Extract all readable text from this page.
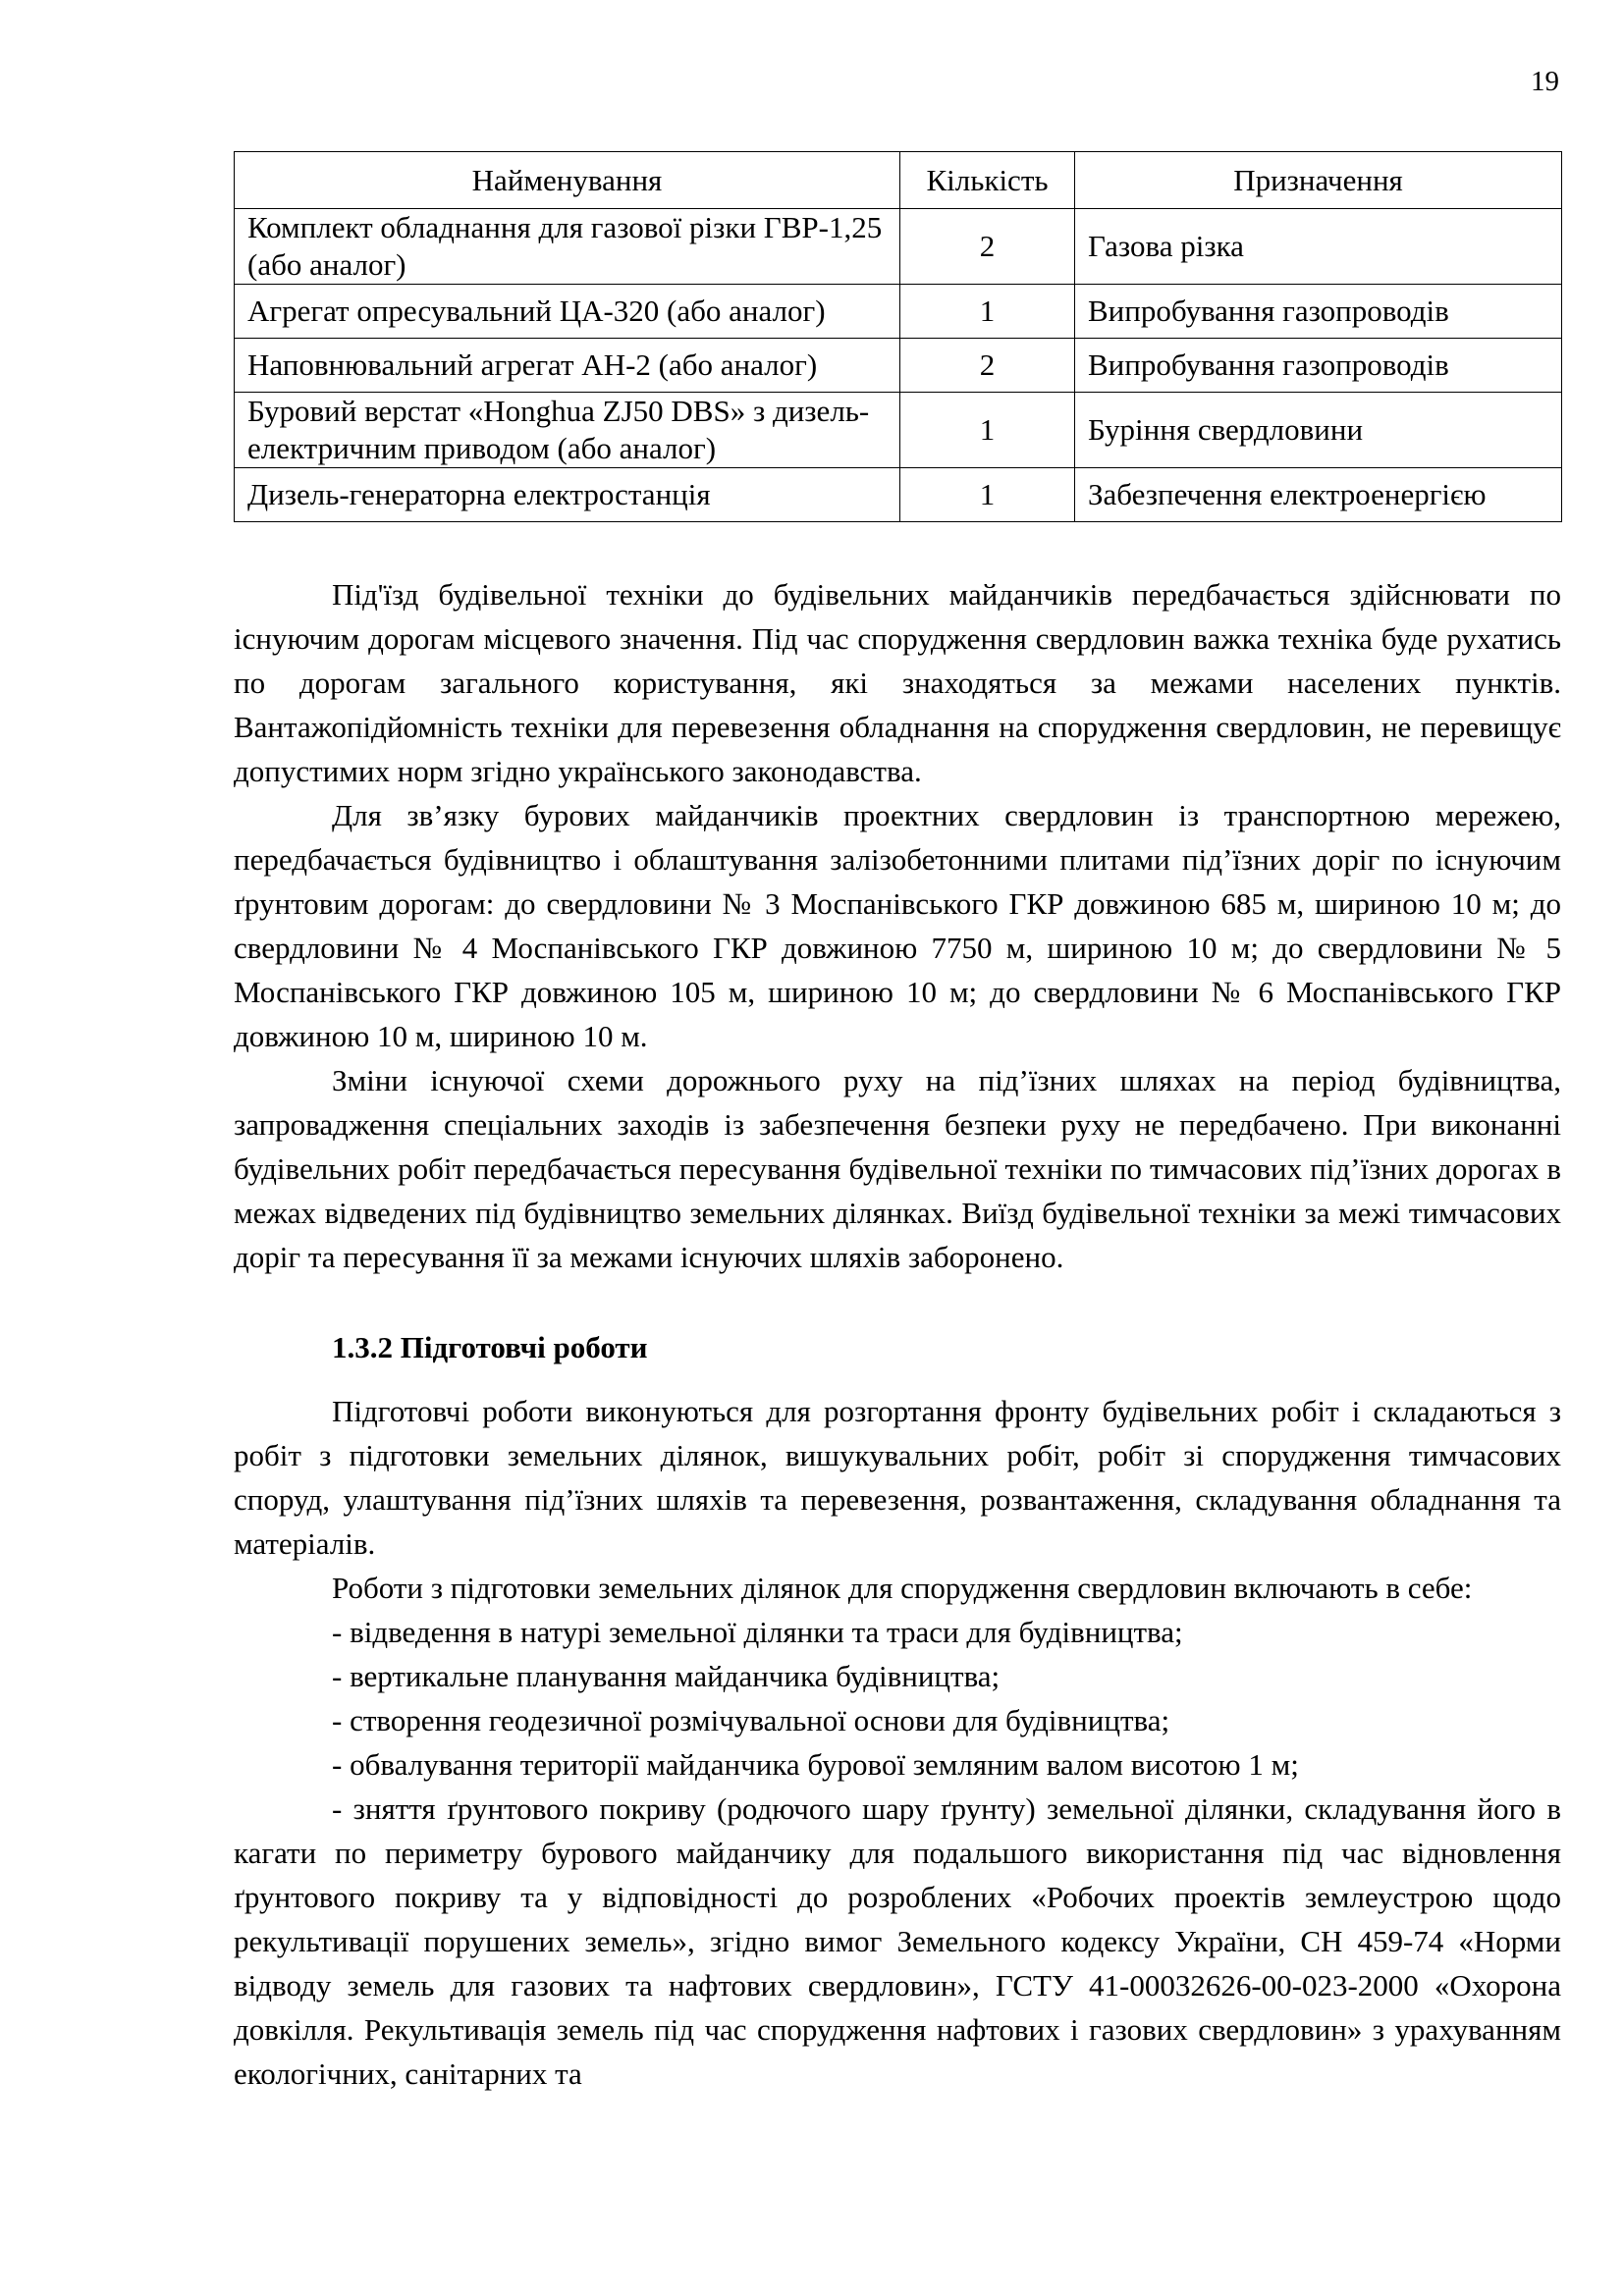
19
Найменування	Кількість	Призначення
Комплект обладнання для газової різки ГВР-1,25 (або аналог)	2	Газова різка
Агрегат опресувальний ЦА-320 (або аналог)	1	Випробування газопроводів
Наповнювальний агрегат АН-2 (або аналог)	2	Випробування газопроводів
Буровий верстат «Honghua ZJ50 DBS» з дизель-електричним приводом (або аналог)	1	Буріння свердловини
Дизель-генераторна електростанція	1	Забезпечення електроенергією

Під'їзд будівельної техніки до будівельних майданчиків передбачається здійснювати по існуючим дорогам місцевого значення. Під час спорудження свердловин важка техніка буде рухатись по дорогам загального користування, які знаходяться за межами населених пунктів. Вантажопідйомність техніки для перевезення обладнання на спорудження свердловин, не перевищує допустимих норм згідно українського законодавства.

Для зв’язку бурових майданчиків проектних свердловин із транспортною мережею, передбачається будівництво і облаштування залізобетонними плитами під’їзних доріг по існуючим ґрунтовим дорогам: до свердловини № 3 Моспанівського ГКР довжиною 685 м, шириною 10 м; до свердловини № 4 Моспанівського ГКР довжиною 7750 м, шириною 10 м; до свердловини № 5 Моспанівського ГКР довжиною 105 м, шириною 10 м; до свердловини № 6 Моспанівського ГКР довжиною 10 м, шириною 10 м.

Зміни існуючої схеми дорожнього руху на під’їзних шляхах на період будівництва, запровадження спеціальних заходів із забезпечення безпеки руху не передбачено. При виконанні будівельних робіт передбачається пересування будівельної техніки по тимчасових під’їзних дорогах в межах відведених під будівництво земельних ділянках. Виїзд будівельної техніки за межі тимчасових доріг та пересування її за межами існуючих шляхів заборонено.

1.3.2 Підготовчі роботи

Підготовчі роботи виконуються для розгортання фронту будівельних робіт і складаються з робіт з підготовки земельних ділянок, вишукувальних робіт, робіт зі спорудження тимчасових споруд, улаштування під’їзних шляхів та перевезення, розвантаження, складування обладнання та матеріалів.

Роботи з підготовки земельних ділянок для спорудження свердловин включають в себе:

- відведення в натурі земельної ділянки та траси для будівництва;

- вертикальне планування майданчика будівництва;

- створення геодезичної розмічувальної основи для будівництва;

- обвалування території майданчика бурової земляним валом висотою 1 м;

- зняття ґрунтового покриву (родючого шару ґрунту) земельної ділянки, складування його в кагати по периметру бурового майданчику для подальшого використання під час відновлення ґрунтового покриву та у відповідності до розроблених «Робочих проектів землеустрою щодо рекультивації порушених земель», згідно вимог Земельного кодексу України, СН 459-74 «Норми відводу земель для газових та нафтових свердловин», ГСТУ 41-00032626-00-023-2000 «Охорона довкілля. Рекультивація земель під час спорудження нафтових і газових свердловин» з урахуванням екологічних, санітарних та
